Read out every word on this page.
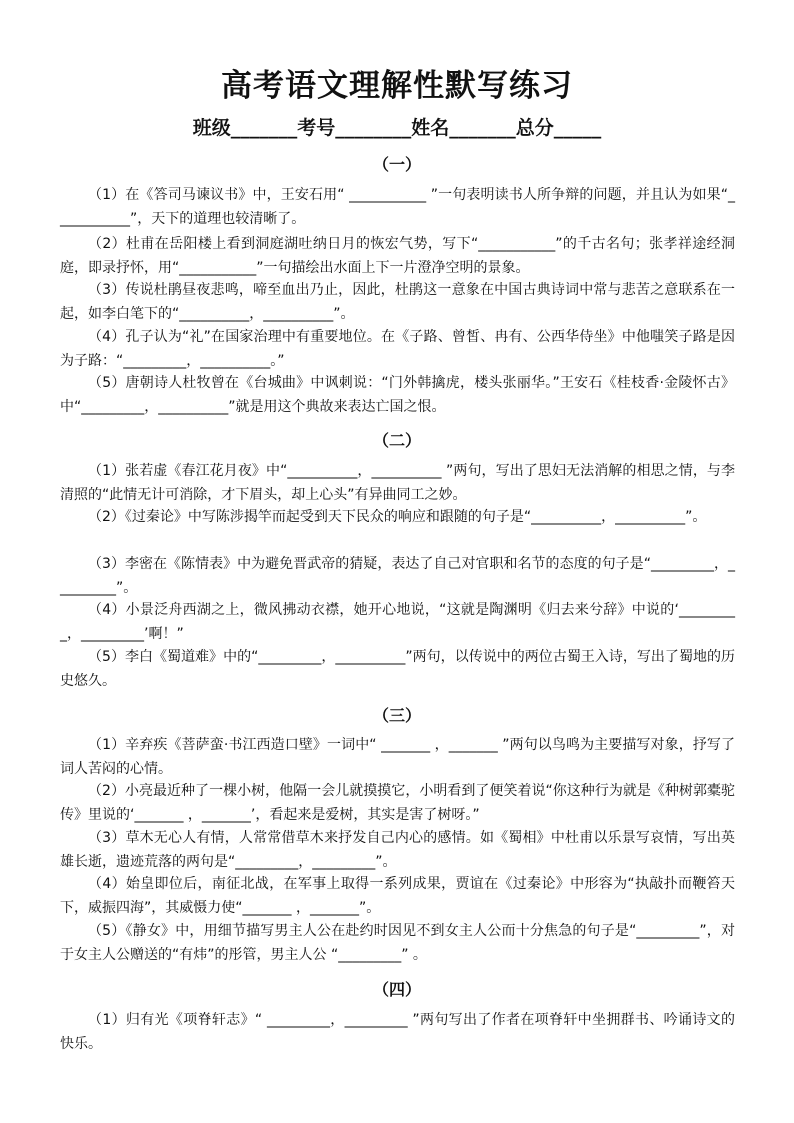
高考语文理解性默写练习
班级_______考号________姓名_______总分_____
（一）

（1）在《答司马谏议书》中，王安石用“ ___________ ”一句表明读书人所争辩的问题，并且认为如果“___________”，天下的道理也较清晰了。

（2）杜甫在岳阳楼上看到洞庭湖吐纳日月的恢宏气势，写下“___________”的千古名句；张孝祥途经洞庭，即录抒怀，用“___________”一句描绘出水面上下一片澄净空明的景象。

（3）传说杜鹃昼夜悲鸣，啼至血出乃止，因此，杜鹃这一意象在中国古典诗词中常与悲苦之意联系在一起，如李白笔下的“__________，__________”。

（4）孔子认为“礼”在国家治理中有重要地位。在《子路、曾皙、冉有、公西华侍坐》中他嗤笑子路是因为子路：“_________，__________。”

（5）唐朝诗人杜牧曾在《台城曲》中讽刺说：“门外韩擒虎，楼头张丽华。”王安石《桂枝香·金陵怀古》中“_________，__________”就是用这个典故来表达亡国之恨。

（二）

（1）张若虚《春江花月夜》中“__________，__________ ”两句，写出了思妇无法消解的相思之情，与李清照的“此情无计可消除，才下眉头，却上心头”有异曲同工之妙。

（2）《过秦论》中写陈涉揭竿而起受到天下民众的响应和跟随的句子是“__________，__________”。

（3）李密在《陈情表》中为避免晋武帝的猜疑，表达了自己对官职和名节的态度的句子是“_________，_________”。

（4）小景泛舟西湖之上，微风拂动衣襟，她开心地说，“这就是陶渊明《归去来兮辞》中说的‘_________，_________’啊！”

（5）李白《蜀道难》中的“_________，__________”两句，以传说中的两位古蜀王入诗，写出了蜀地的历史悠久。

（三）

（1）辛弃疾《菩萨蛮·书江西造口壁》一词中“ _______ ，_______ ”两句以鸟鸣为主要描写对象，抒写了词人苦闷的心情。

（2）小亮最近种了一棵小树，他隔一会儿就摸摸它，小明看到了便笑着说“你这种行为就是《种树郭橐驼传》里说的‘_______ ，_______’，看起来是爱树，其实是害了树呀。”

（3）草木无心人有情，人常常借草木来抒发自己内心的感情。如《蜀相》中杜甫以乐景写哀情，写出英雄长逝，遗迹荒落的两句是“_________，_________”。

（4）始皇即位后，南征北战，在军事上取得一系列成果，贾谊在《过秦论》中形容为“执敲扑而鞭笞天下，威振四海”，其威慑力使“_______ ，_______”。

（5）《静女》中，用细节描写男主人公在赴约时因见不到女主人公而十分焦急的句子是“_________”，对于女主人公赠送的“有炜”的彤管，男主人公 “_________” 。

（四）

（1）归有光《项脊轩志》“ _________，_________ ”两句写出了作者在项脊轩中坐拥群书、吟诵诗文的快乐。
